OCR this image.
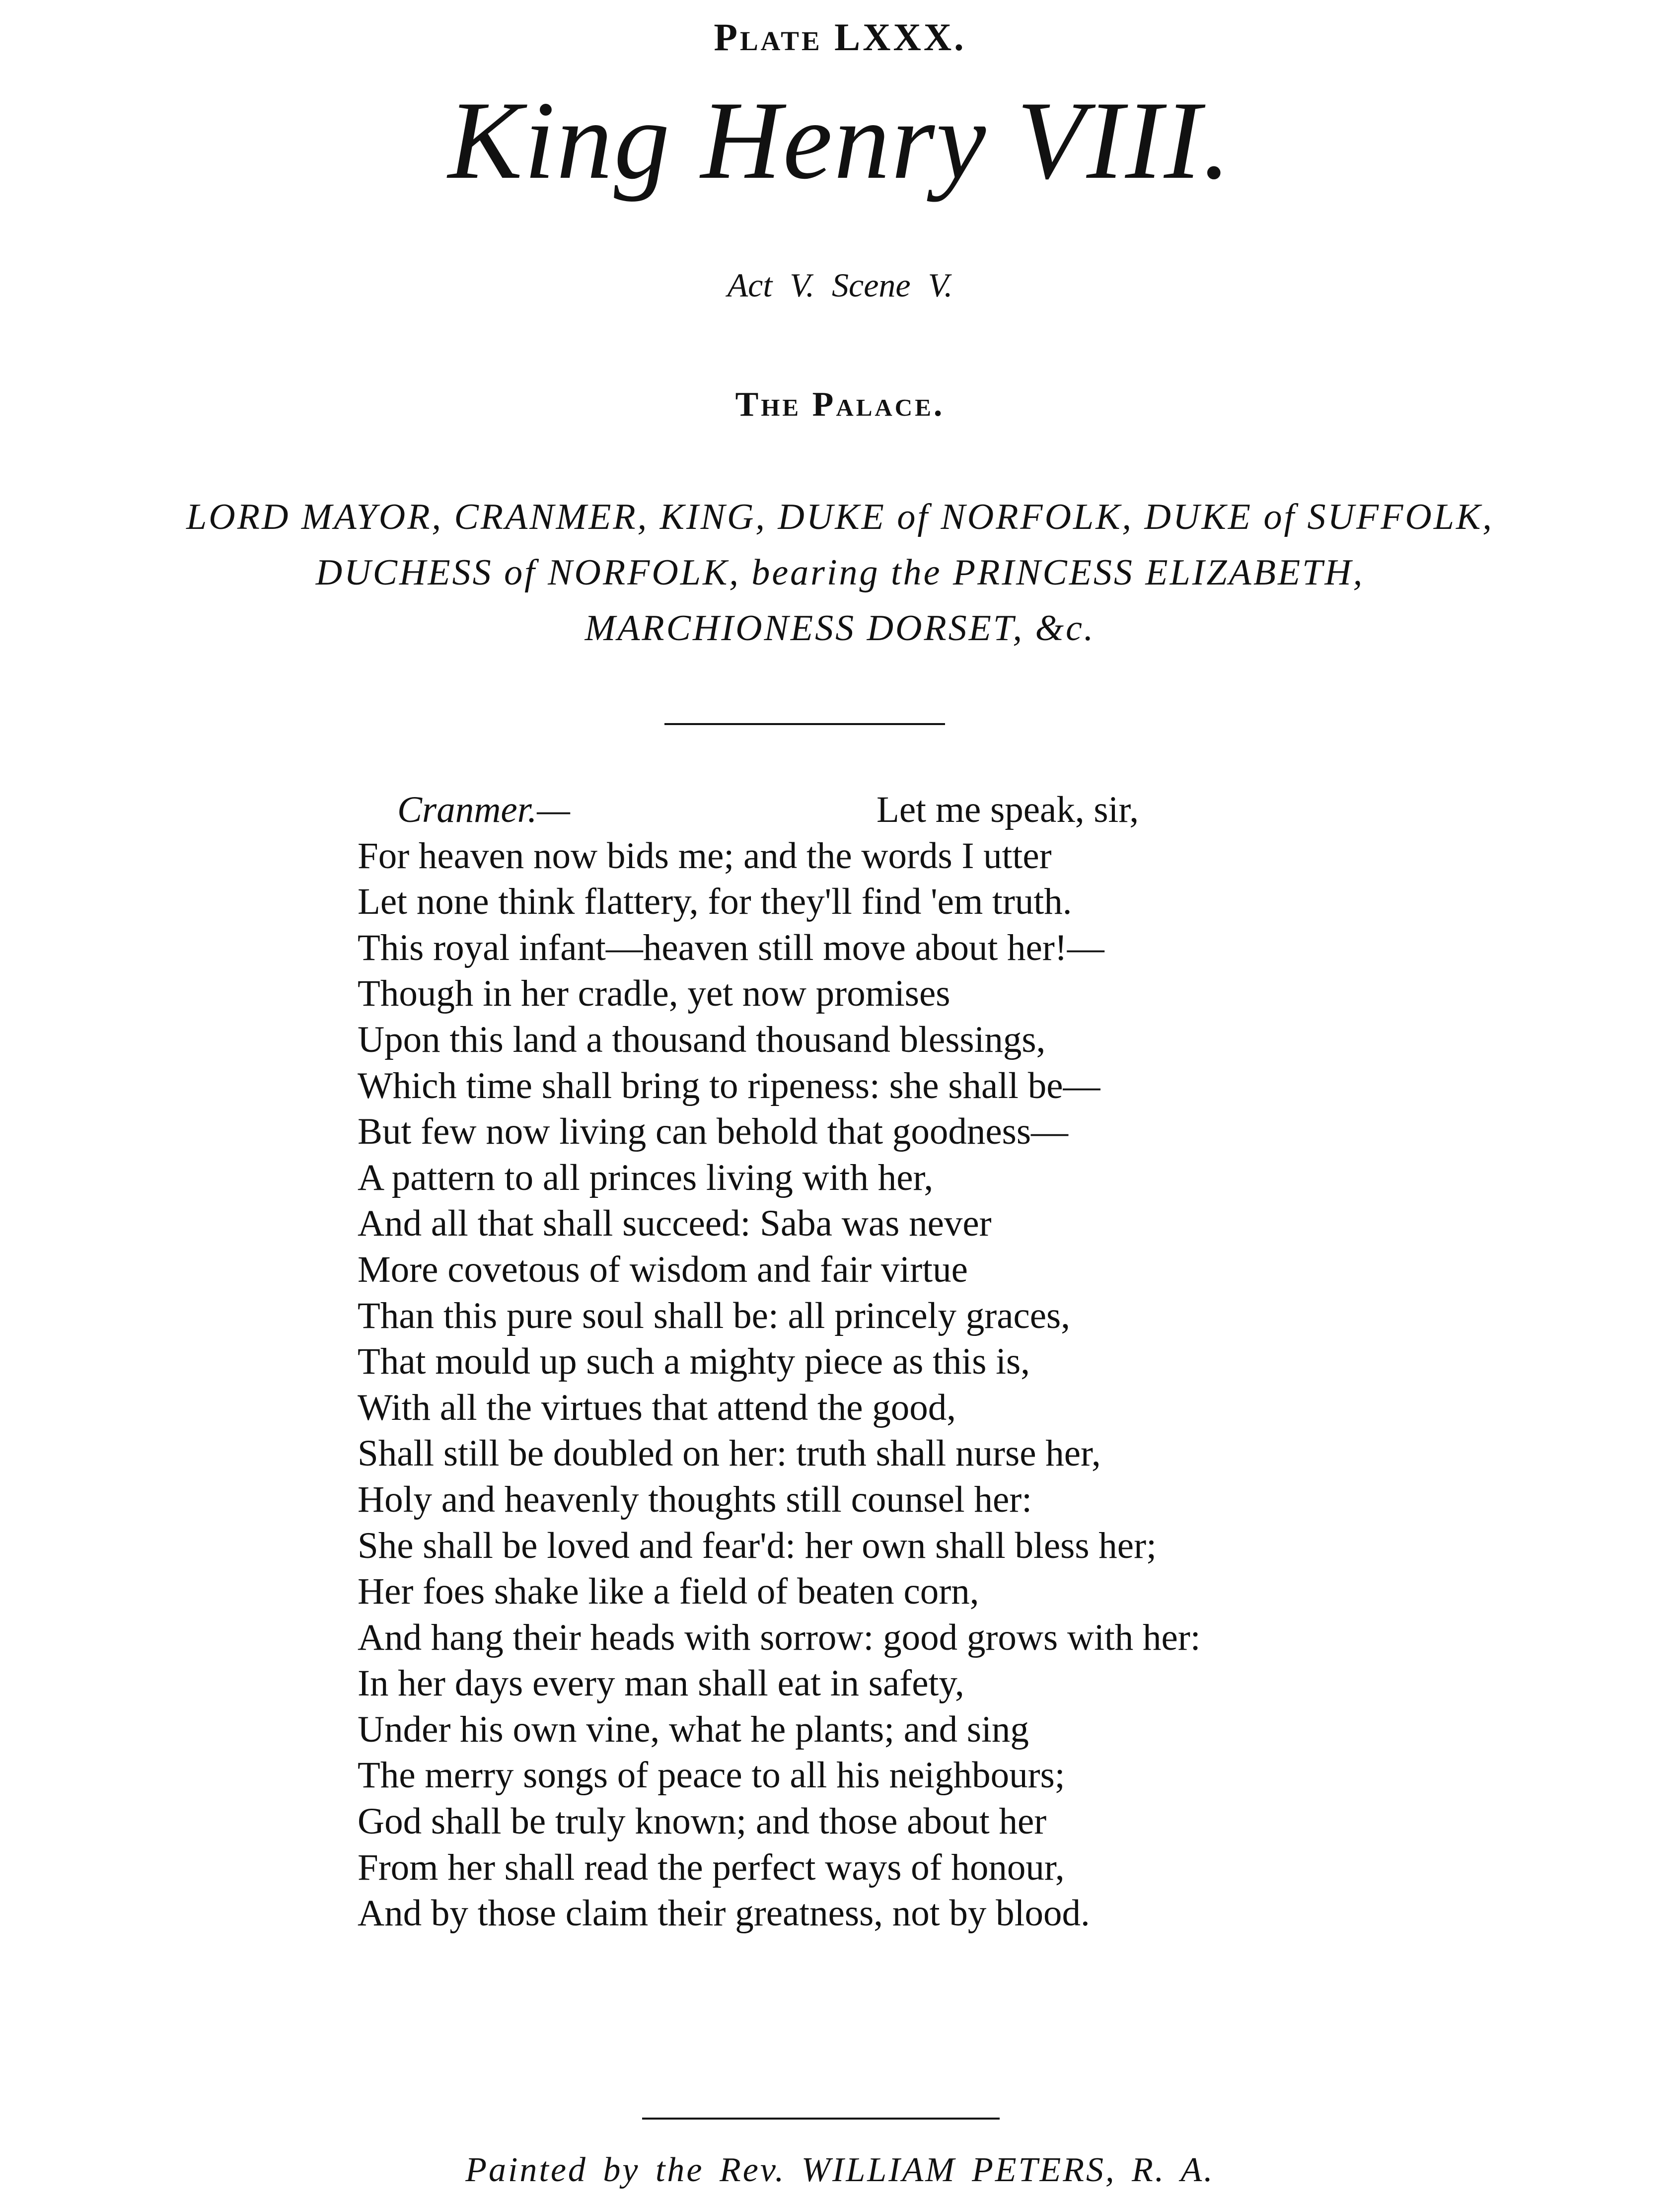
Plate LXXX.
King Henry VIII.
Act V. Scene V.
The Palace.
LORD MAYOR, CRANMER, KING, DUKE of NORFOLK, DUKE of SUFFOLK,
DUCHESS of NORFOLK, bearing the PRINCESS ELIZABETH,
MARCHIONESS DORSET, &c.
Cranmer.—	Let me speak, sir,
For heaven now bids me; and the words I utter
Let none think flattery, for they'll find 'em truth.
This royal infant—heaven still move about her!—
Though in her cradle, yet now promises
Upon this land a thousand thousand blessings,
Which time shall bring to ripeness: she shall be—
But few now living can behold that goodness—
A pattern to all princes living with her,
And all that shall succeed: Saba was never
More covetous of wisdom and fair virtue
Than this pure soul shall be: all princely graces,
That mould up such a mighty piece as this is,
With all the virtues that attend the good,
Shall still be doubled on her: truth shall nurse her,
Holy and heavenly thoughts still counsel her:
She shall be loved and fear'd: her own shall bless her;
Her foes shake like a field of beaten corn,
And hang their heads with sorrow: good grows with her:
In her days every man shall eat in safety,
Under his own vine, what he plants; and sing
The merry songs of peace to all his neighbours;
God shall be truly known; and those about her
From her shall read the perfect ways of honour,
And by those claim their greatness, not by blood.
Painted by the Rev. WILLIAM PETERS, R. A.
